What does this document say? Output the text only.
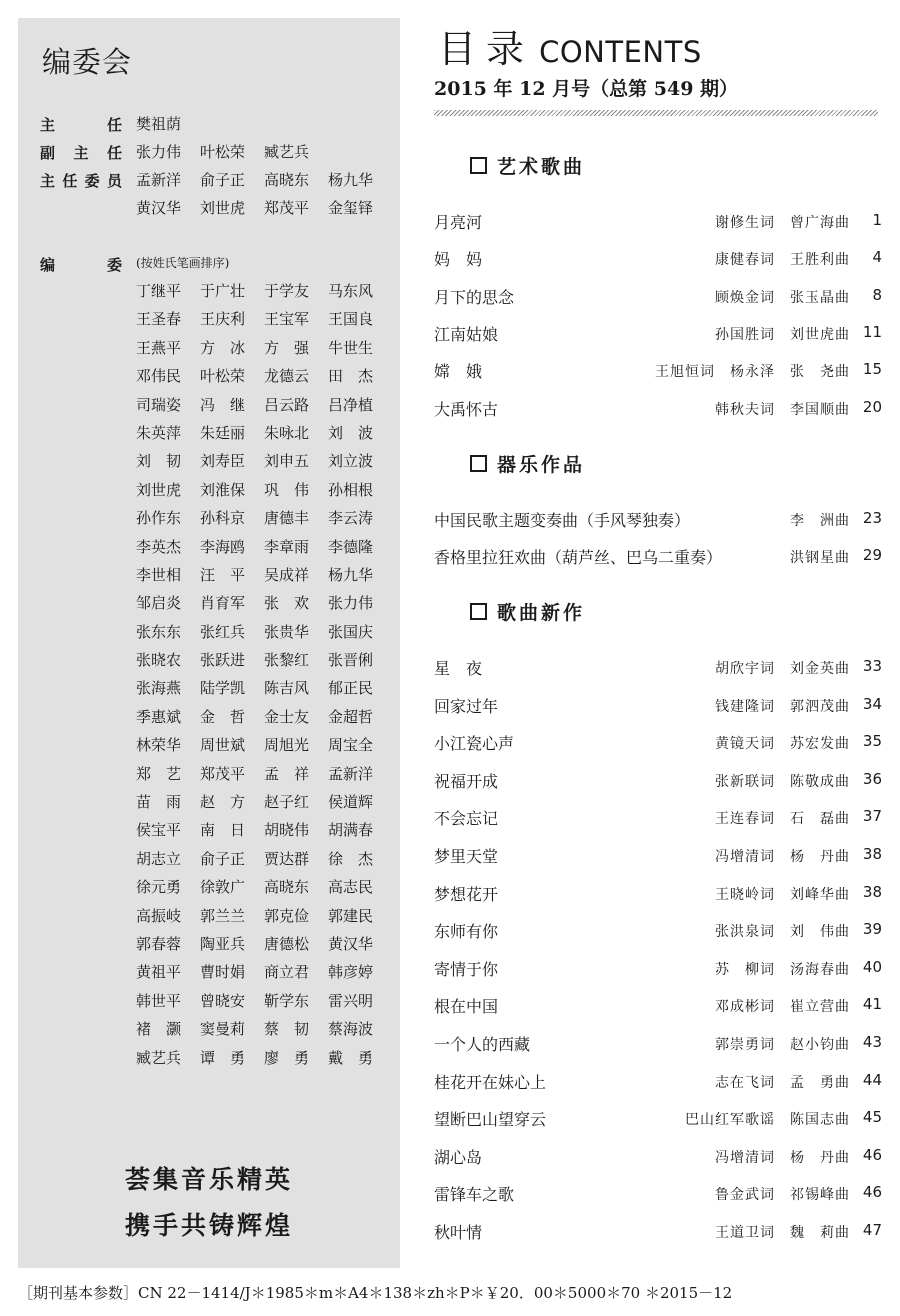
编委会
主	任 樊祖荫
副 主 任 张力伟 叶松荣 臧艺兵
主 任 委 员 孟新洋 俞子正 高晓东 杨九华
黄汉华 刘世虎 郑茂平 金玺铎
编	委 (按姓氏笔画排序)
丁继平 于广壮 于学友 马东风
王圣春 王庆利 王宝军 王国良
王燕平 方　冰 方　强 牛世生
邓伟民 叶松荣 龙德云 田　杰
司瑞姿 冯　继 吕云路 吕净植
朱英萍 朱廷丽 朱咏北 刘　波
刘　韧 刘寿臣 刘申五 刘立波
刘世虎 刘淮保 巩　伟 孙相根
孙作东 孙科京 唐德丰 李云涛
李英杰 李海鸥 李章雨 李德隆
李世相 汪　平 吴成祥 杨九华
邹启炎 肖育军 张　欢 张力伟
张东东 张红兵 张贵华 张国庆
张晓农 张跃进 张黎红 张晋俐
张海燕 陆学凯 陈吉风 郁正民
季惠斌 金　哲 金士友 金超哲
林荣华 周世斌 周旭光 周宝全
郑　艺 郑茂平 孟　祥 孟新洋
苗　雨 赵　方 赵子红 侯道辉
侯宝平 南　日 胡晓伟 胡满春
胡志立 俞子正 贾达群 徐　杰
徐元勇 徐敦广 高晓东 高志民
高振岐 郭兰兰 郭克俭 郭建民
郭春蓉 陶亚兵 唐德松 黄汉华
黄祖平 曹时娟 商立君 韩彦婷
韩世平 曾晓安 靳学东 雷兴明
褚　灏 窦曼莉 蔡　韧 蔡海波
臧艺兵 谭　勇 廖　勇 戴　勇
荟集音乐精英
携手共铸辉煌
目录 CONTENTS
2015 年 12 月号（总第 549 期）
艺术歌曲
月亮河	谢修生词　曾广海曲 1
妈　妈	康健春词　王胜利曲 4
月下的思念	顾焕金词　张玉晶曲 8
江南姑娘	孙国胜词　刘世虎曲 11
嫦　娥	王旭恒词　杨永泽　张　尧曲 15
大禹怀古	韩秋夫词　李国顺曲 20
器乐作品
中国民歌主题变奏曲（手风琴独奏）	李　洲曲 23
香格里拉狂欢曲（葫芦丝、巴乌二重奏）	洪钢星曲 29
歌曲新作
星　夜	胡欣宇词　刘金英曲 33
回家过年	钱建隆词　郭泗茂曲 34
小江瓷心声	黄镜天词　苏宏发曲 35
祝福开成	张新联词　陈敬成曲 36
不会忘记	王连春词　石　磊曲 37
梦里天堂	冯增清词　杨　丹曲 38
梦想花开	王晓岭词　刘峰华曲 38
东师有你	张洪泉词　刘　伟曲 39
寄情于你	苏　柳词　汤海春曲 40
根在中国	邓成彬词　崔立营曲 41
一个人的西藏	郭崇勇词　赵小钧曲 43
桂花开在妹心上	志在飞词　孟　勇曲 44
望断巴山望穿云	巴山红军歌谣　陈国志曲 45
湖心岛	冯增清词　杨　丹曲 46
雷锋车之歌	鲁金武词　祁锡峰曲 46
秋叶情	王道卫词　魏　莉曲 47
［期刊基本参数］CN 22－1414/J＊1985＊m＊A4＊138＊zh＊P＊￥20．00＊5000＊70 ＊2015－12
